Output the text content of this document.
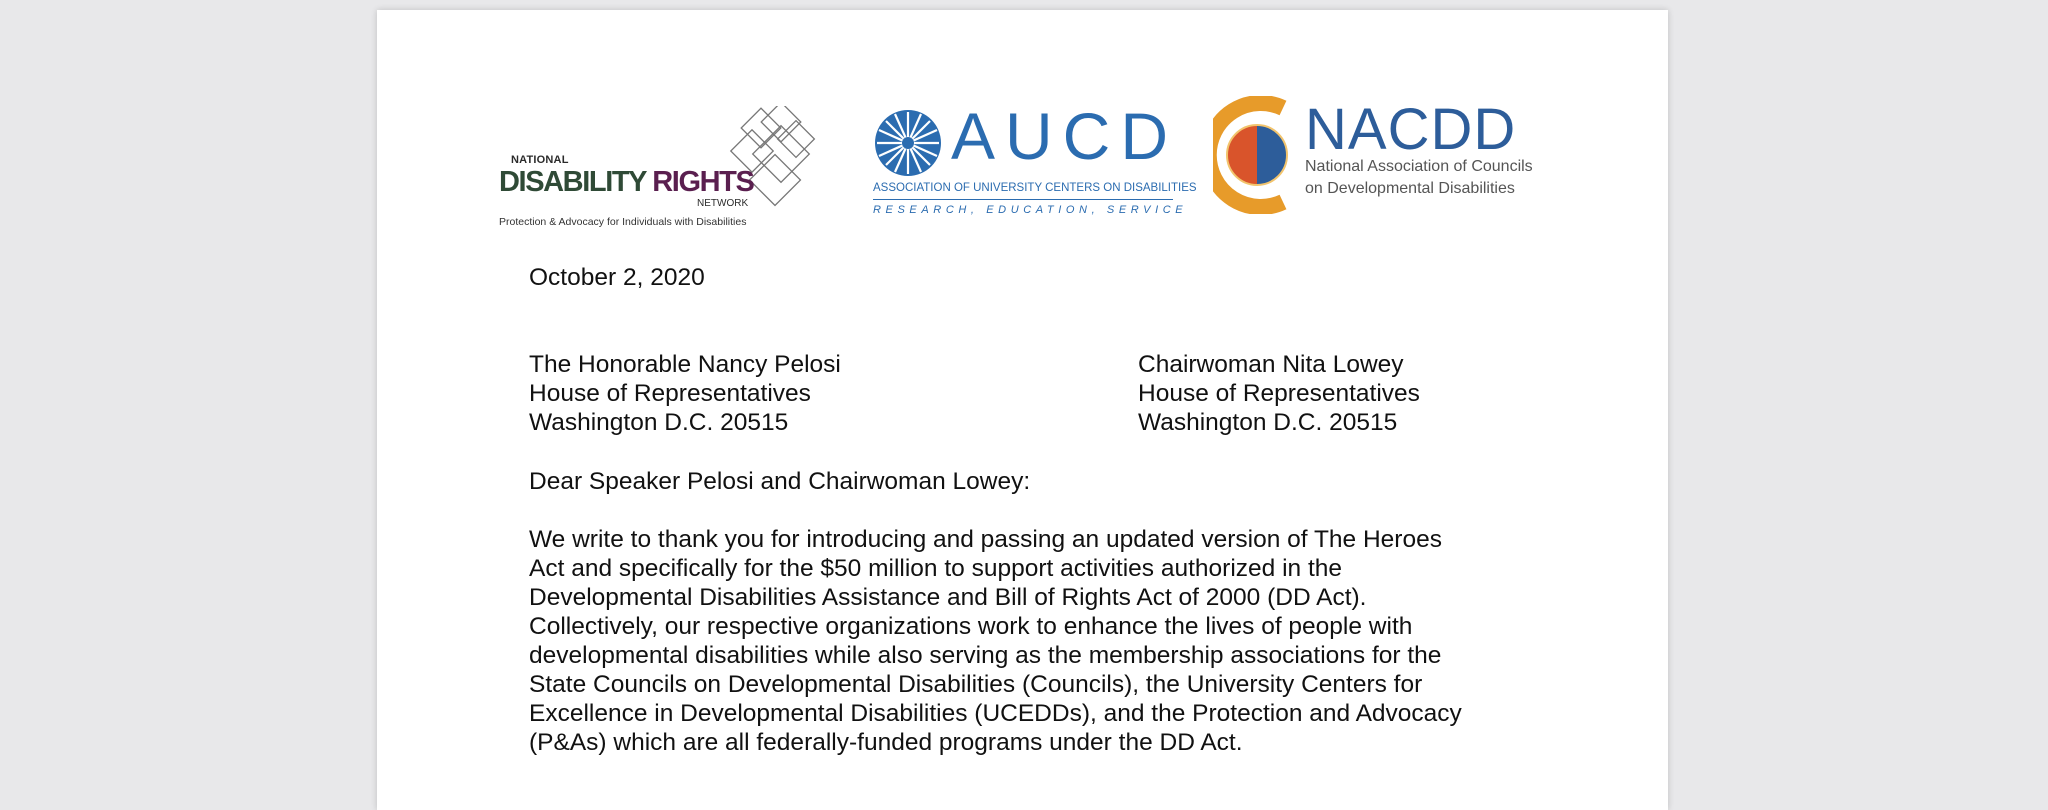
NATIONAL
DISABILITY RIGHTS
NETWORK
Protection & Advocacy for Individuals with Disabilities
AUCD
ASSOCIATION OF UNIVERSITY CENTERS ON DISABILITIES
RESEARCH, EDUCATION, SERVICE
NACDD
National Association of Councils
on Developmental Disabilities
October 2, 2020
The Honorable Nancy Pelosi
House of Representatives
Washington D.C. 20515
Chairwoman Nita Lowey
House of Representatives
Washington D.C. 20515
Dear Speaker Pelosi and Chairwoman Lowey:
We write to thank you for introducing and passing an updated version of The Heroes
Act and specifically for the $50 million to support activities authorized in the
Developmental Disabilities Assistance and Bill of Rights Act of 2000 (DD Act).
Collectively, our respective organizations work to enhance the lives of people with
developmental disabilities while also serving as the membership associations for the
State Councils on Developmental Disabilities (Councils), the University Centers for
Excellence in Developmental Disabilities (UCEDDs), and the Protection and Advocacy
(P&As) which are all federally-funded programs under the DD Act.
